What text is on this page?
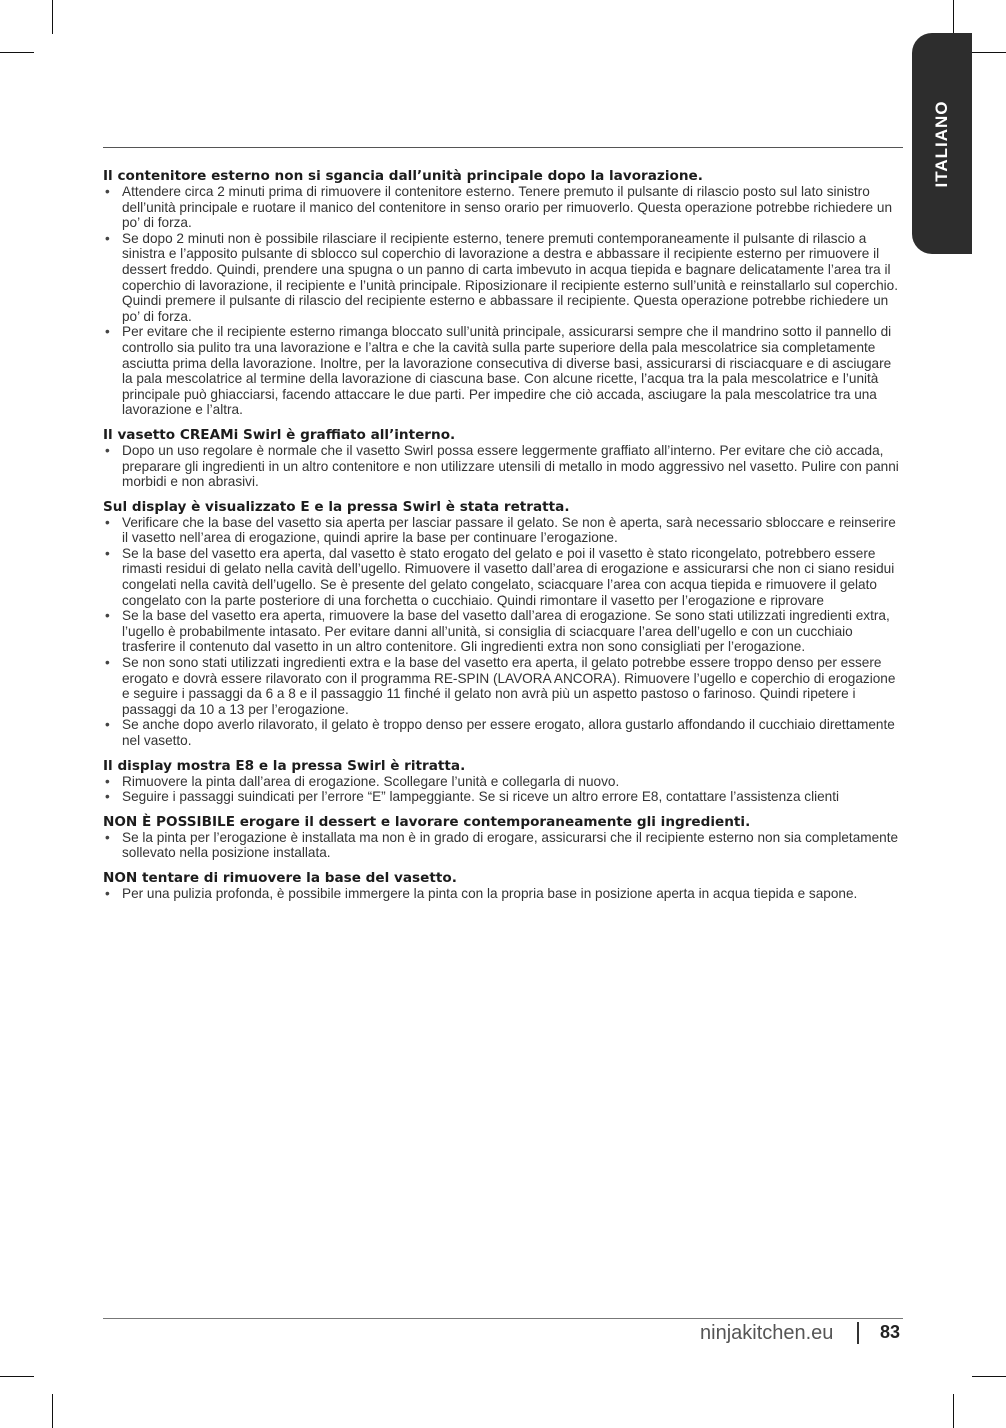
ITALIANO
Il contenitore esterno non si sgancia dall’unità principale dopo la lavorazione.
• Attendere circa 2 minuti prima di rimuovere il contenitore esterno. Tenere premuto il pulsante di rilascio posto sul lato sinistro dell’unità principale e ruotare il manico del contenitore in senso orario per rimuoverlo. Questa operazione potrebbe richiedere un po’ di forza.
• Se dopo 2 minuti non è possibile rilasciare il recipiente esterno, tenere premuti contemporaneamente il pulsante di rilascio a sinistra e l’apposito pulsante di sblocco sul coperchio di lavorazione a destra e abbassare il recipiente esterno per rimuovere il dessert freddo. Quindi, prendere una spugna o un panno di carta imbevuto in acqua tiepida e bagnare delicatamente l’area tra il coperchio di lavorazione, il recipiente e l’unità principale. Riposizionare il recipiente esterno sull’unità e reinstallarlo sul coperchio. Quindi premere il pulsante di rilascio del recipiente esterno e abbassare il recipiente. Questa operazione potrebbe richiedere un po’ di forza.
• Per evitare che il recipiente esterno rimanga bloccato sull’unità principale, assicurarsi sempre che il mandrino sotto il pannello di controllo sia pulito tra una lavorazione e l’altra e che la cavità sulla parte superiore della pala mescolatrice sia completamente asciutta prima della lavorazione. Inoltre, per la lavorazione consecutiva di diverse basi, assicurarsi di risciacquare e di asciugare la pala mescolatrice al termine della lavorazione di ciascuna base. Con alcune ricette, l’acqua tra la pala mescolatrice e l’unità principale può ghiacciarsi, facendo attaccare le due parti. Per impedire che ciò accada, asciugare la pala mescolatrice tra una lavorazione e l’altra.
Il vasetto CREAMi Swirl è graffiato all’interno.
• Dopo un uso regolare è normale che il vasetto Swirl possa essere leggermente graffiato all’interno. Per evitare che ciò accada, preparare gli ingredienti in un altro contenitore e non utilizzare utensili di metallo in modo aggressivo nel vasetto. Pulire con panni morbidi e non abrasivi.
Sul display è visualizzato E e la pressa Swirl è stata retratta.
• Verificare che la base del vasetto sia aperta per lasciar passare il gelato. Se non è aperta, sarà necessario sbloccare e reinserire il vasetto nell’area di erogazione, quindi aprire la base per continuare l’erogazione.
• Se la base del vasetto era aperta, dal vasetto è stato erogato del gelato e poi il vasetto è stato ricongelato, potrebbero essere rimasti residui di gelato nella cavità dell’ugello. Rimuovere il vasetto dall’area di erogazione e assicurarsi che non ci siano residui congelati nella cavità dell’ugello. Se è presente del gelato congelato, sciacquare l’area con acqua tiepida e rimuovere il gelato congelato con la parte posteriore di una forchetta o cucchiaio. Quindi rimontare il vasetto per l’erogazione e riprovare
• Se la base del vasetto era aperta, rimuovere la base del vasetto dall’area di erogazione. Se sono stati utilizzati ingredienti extra, l’ugello è probabilmente intasato. Per evitare danni all’unità, si consiglia di sciacquare l’area dell’ugello e con un cucchiaio trasferire il contenuto dal vasetto in un altro contenitore. Gli ingredienti extra non sono consigliati per l’erogazione.
• Se non sono stati utilizzati ingredienti extra e la base del vasetto era aperta, il gelato potrebbe essere troppo denso per essere erogato e dovrà essere rilavorato con il programma RE-SPIN (LAVORA ANCORA). Rimuovere l’ugello e coperchio di erogazione e seguire i passaggi da 6 a 8 e il passaggio 11 finché il gelato non avrà più un aspetto pastoso o farinoso. Quindi ripetere i passaggi da 10 a 13 per l’erogazione.
• Se anche dopo averlo rilavorato, il gelato è troppo denso per essere erogato, allora gustarlo affondando il cucchiaio direttamente nel vasetto.
Il display mostra E8 e la pressa Swirl è ritratta.
• Rimuovere la pinta dall’area di erogazione. Scollegare l’unità e collegarla di nuovo.
• Seguire i passaggi suindicati per l’errore “E” lampeggiante. Se si riceve un altro errore E8, contattare l’assistenza clienti
NON È POSSIBILE erogare il dessert e lavorare contemporaneamente gli ingredienti.
• Se la pinta per l’erogazione è installata ma non è in grado di erogare, assicurarsi che il recipiente esterno non sia completamente sollevato nella posizione installata.
NON tentare di rimuovere la base del vasetto.
• Per una pulizia profonda, è possibile immergere la pinta con la propria base in posizione aperta in acqua tiepida e sapone.
ninjakitchen.eu	83
